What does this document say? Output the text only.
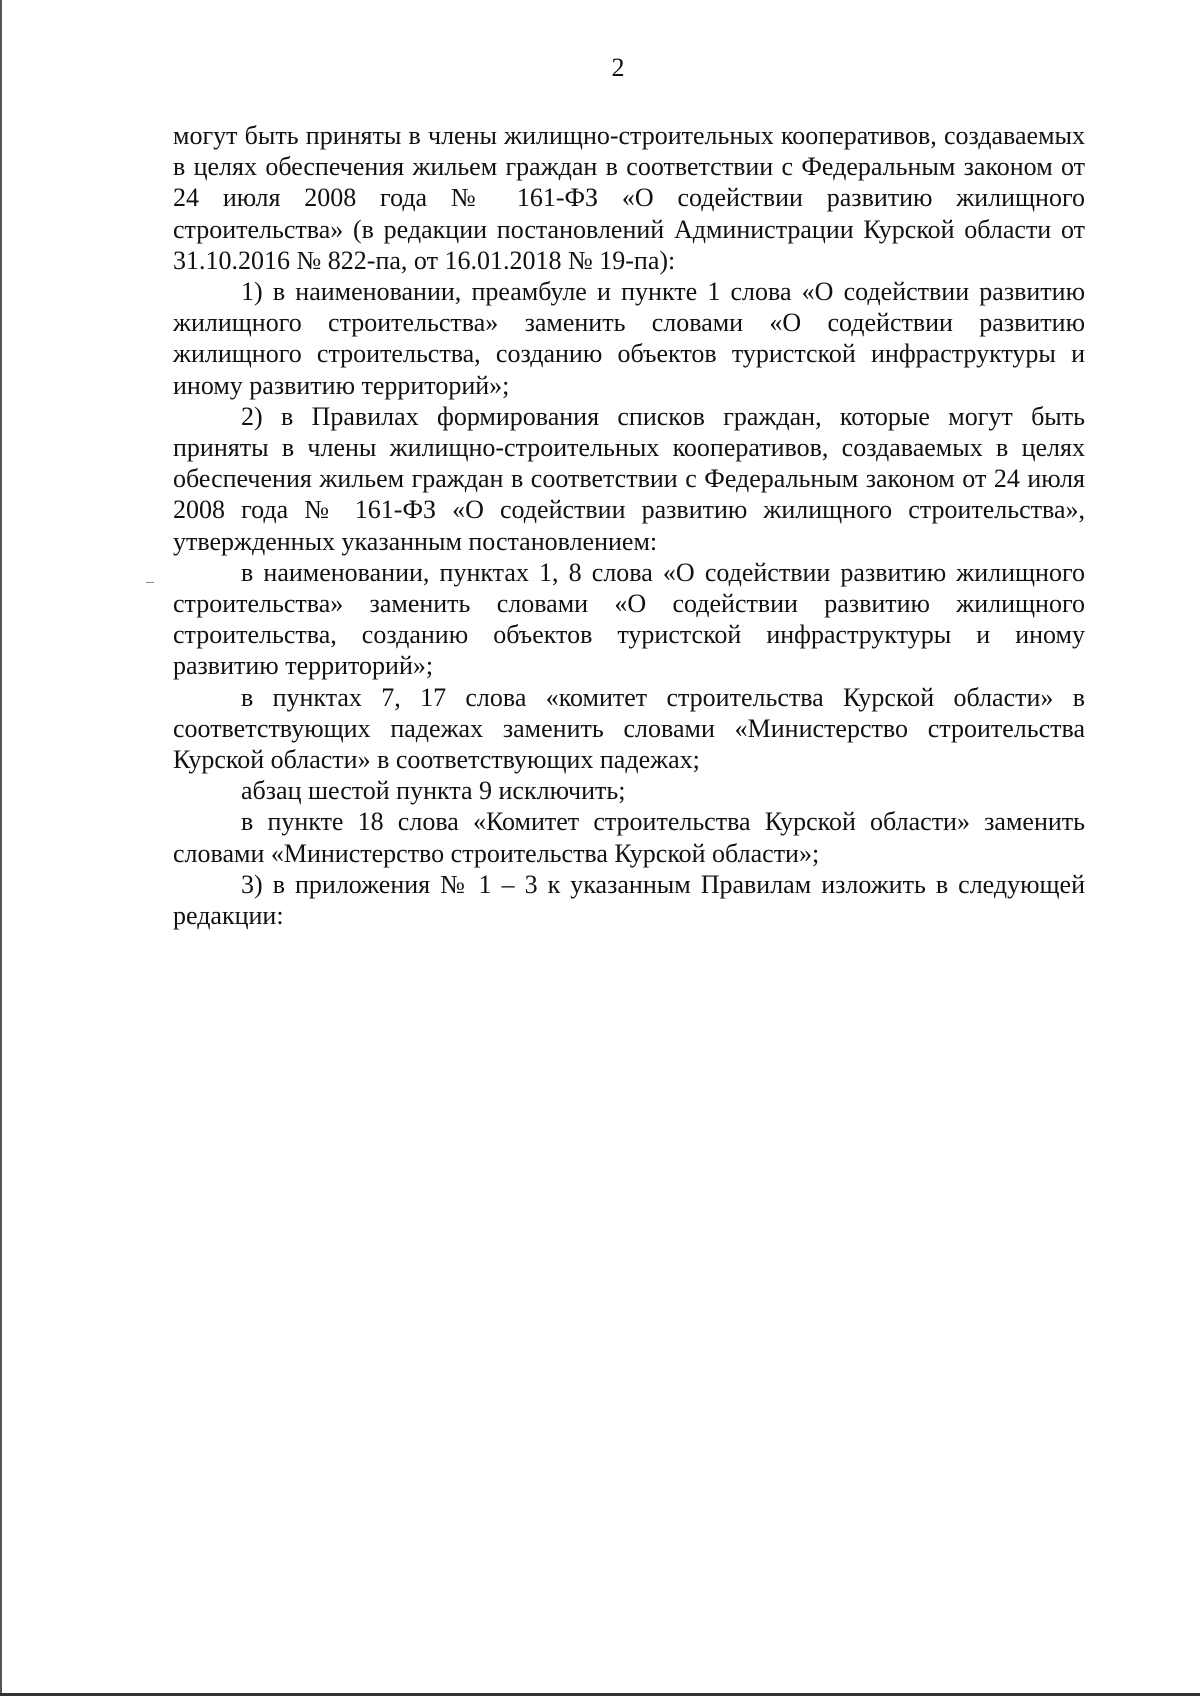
2

могут быть приняты в члены жилищно-строительных кооперативов, создаваемых в целях обеспечения жильем граждан в соответствии с Федеральным законом от 24 июля 2008 года № 161-ФЗ «О содействии развитию жилищного строительства» (в редакции постановлений Администрации Курской области от 31.10.2016 № 822-па, от 16.01.2018 № 19-па):

1) в наименовании, преамбуле и пункте 1 слова «О содействии развитию жилищного строительства» заменить словами «О содействии развитию жилищного строительства, созданию объектов туристской инфраструктуры и иному развитию территорий»;

2) в Правилах формирования списков граждан, которые могут быть приняты в члены жилищно-строительных кооперативов, создаваемых в целях обеспечения жильем граждан в соответствии с Федеральным законом от 24 июля 2008 года № 161-ФЗ «О содействии развитию жилищного строительства», утвержденных указанным постановлением:

в наименовании, пунктах 1, 8 слова «О содействии развитию жилищного строительства» заменить словами «О содействии развитию жилищного строительства, созданию объектов туристской инфраструктуры и иному развитию территорий»;

в пунктах 7, 17 слова «комитет строительства Курской области» в соответствующих падежах заменить словами «Министерство строительства Курской области» в соответствующих падежах;

абзац шестой пункта 9 исключить;

в пункте 18 слова «Комитет строительства Курской области» заменить словами «Министерство строительства Курской области»;

3) в приложения № 1 – 3 к указанным Правилам изложить в следующей редакции:
